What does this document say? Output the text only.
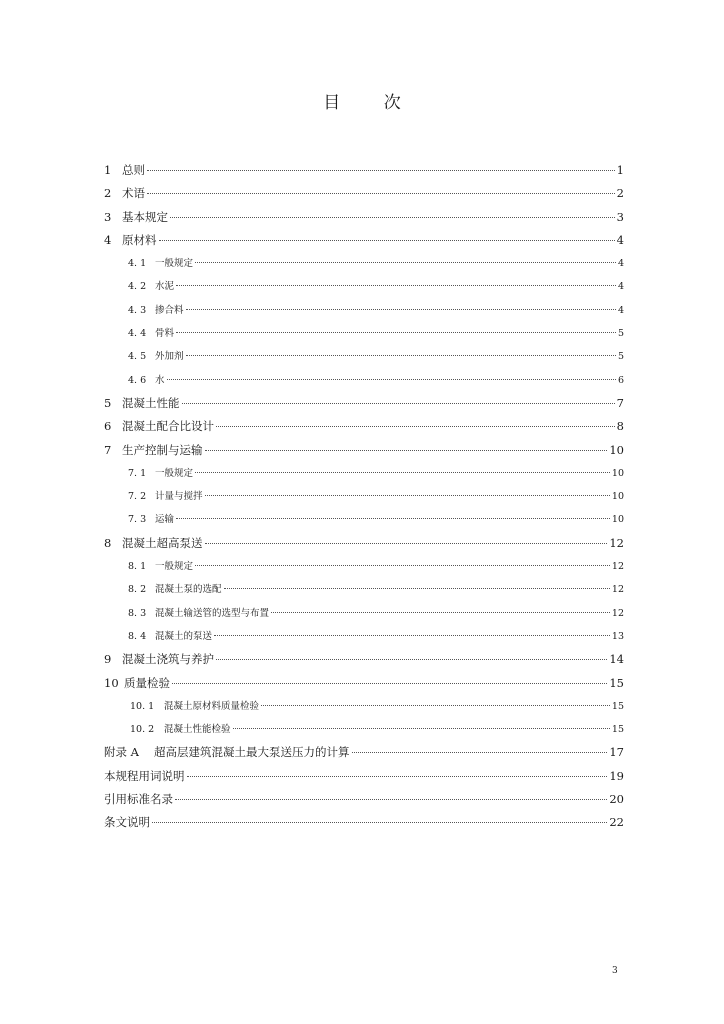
目	次
1 总则	1
2 术语	2
3 基本规定	3
4 原材料	4
4. 1 一般规定	4
4. 2 水泥	4
4. 3 掺合料	4
4. 4 骨料	5
4. 5 外加剂	5
4. 6 水	6
5 混凝土性能	7
6 混凝土配合比设计	8
7 生产控制与运输	10
7. 1 一般规定	10
7. 2 计量与搅拌	10
7. 3 运输	10
8 混凝土超高泵送	12
8. 1 一般规定	12
8. 2 混凝土泵的选配	12
8. 3 混凝土输送管的选型与布置	12
8. 4 混凝土的泵送	13
9 混凝土浇筑与养护	14
10 质量检验	15
10. 1	混凝土原材料质量检验	15
10. 2	混凝土性能检验	15
附录 A	超高层建筑混凝土最大泵送压力的计算	17
本规程用词说明	19
引用标准名录	20
条文说明	22
3
